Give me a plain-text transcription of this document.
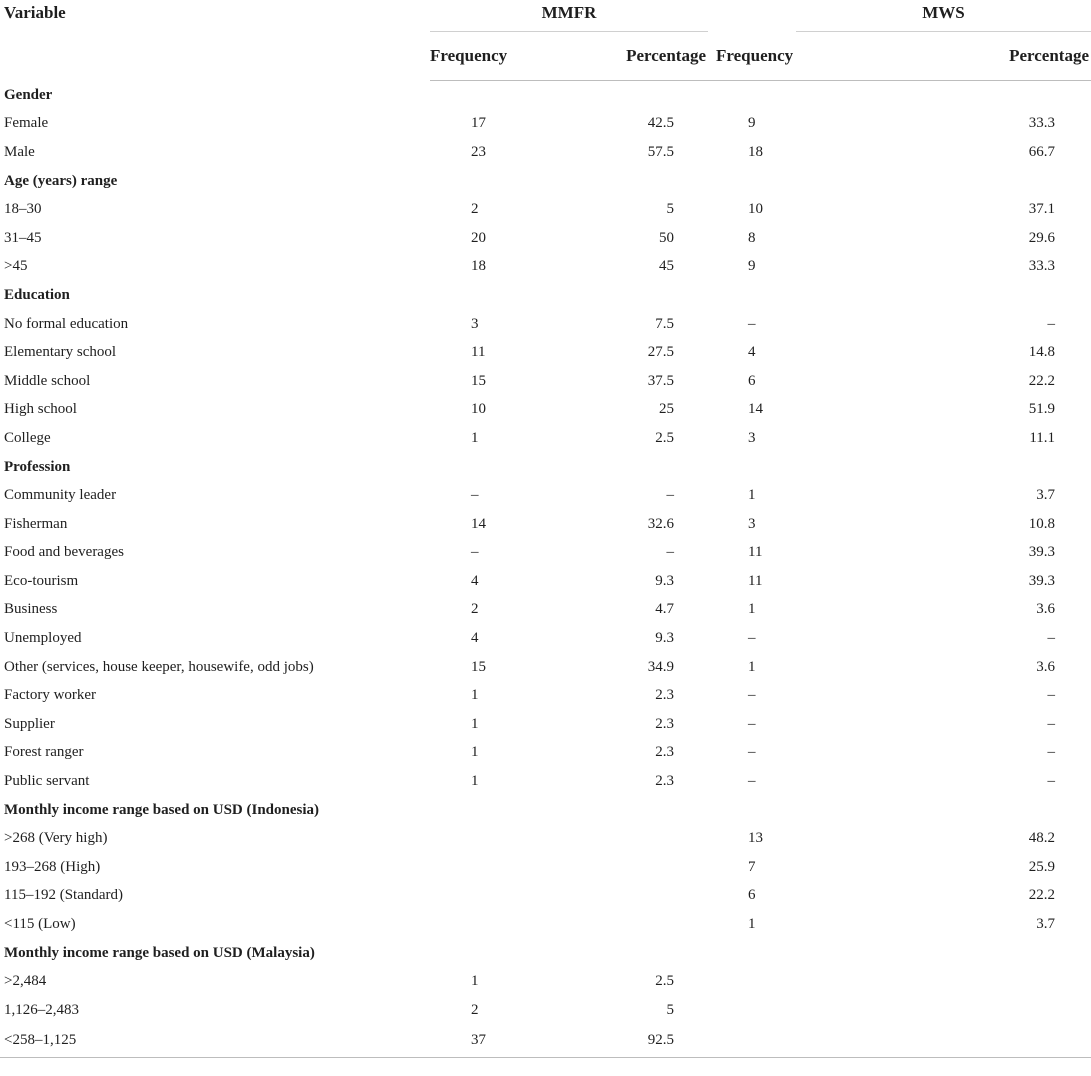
Variable	MMFR			MWS
	Frequency	Percentage	Frequency	Percentage
Gender				
Female	17	42.5	9	33.3
Male	23	57.5	18	66.7
Age (years) range				
18–30	2	5	10	37.1
31–45	20	50	8	29.6
>45	18	45	9	33.3
Education				
No formal education	3	7.5	–	–
Elementary school	11	27.5	4	14.8
Middle school	15	37.5	6	22.2
High school	10	25	14	51.9
College	1	2.5	3	11.1
Profession				
Community leader	–	–	1	3.7
Fisherman	14	32.6	3	10.8
Food and beverages	–	–	11	39.3
Eco-tourism	4	9.3	11	39.3
Business	2	4.7	1	3.6
Unemployed	4	9.3	–	–
Other (services, house keeper, housewife, odd jobs)	15	34.9	1	3.6
Factory worker	1	2.3	–	–
Supplier	1	2.3	–	–
Forest ranger	1	2.3	–	–
Public servant	1	2.3	–	–
Monthly income range based on USD (Indonesia)				
>268 (Very high)			13	48.2
193–268 (High)			7	25.9
115–192 (Standard)			6	22.2
<115 (Low)			1	3.7
Monthly income range based on USD (Malaysia)				
>2,484	1	2.5		
1,126–2,483	2	5		
<258–1,125	37	92.5		
